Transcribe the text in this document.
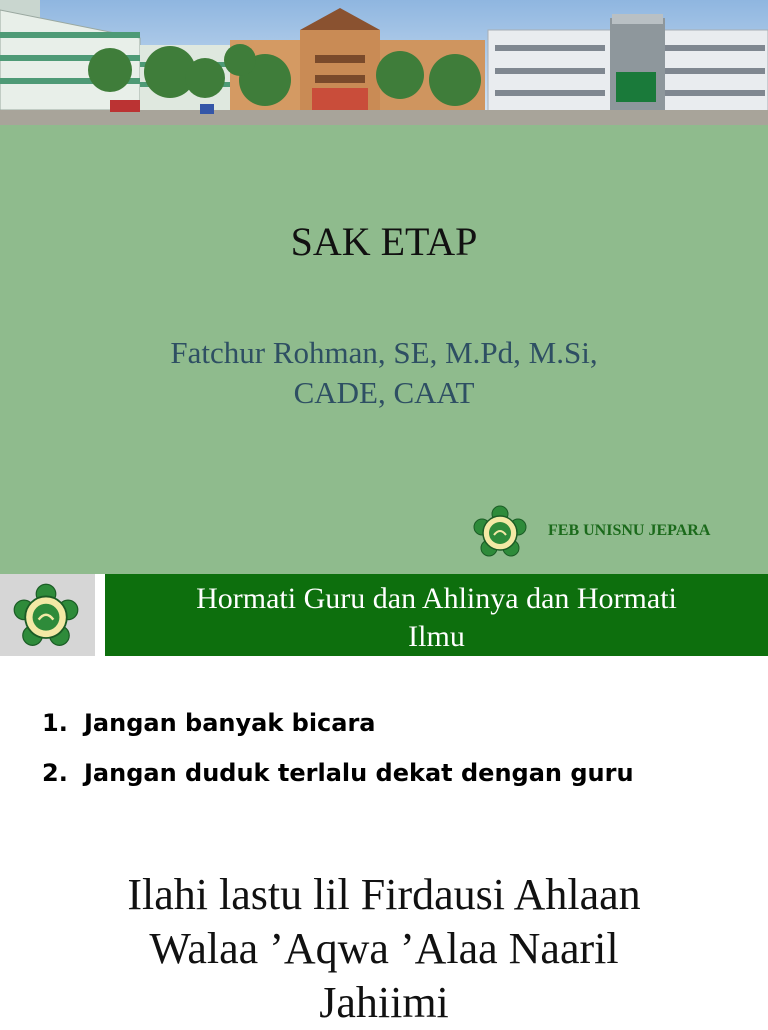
SAK ETAP
Fatchur Rohman, SE, M.Pd, M.Si,
CADE, CAAT
FEB UNISNU JEPARA
Hormati Guru dan Ahlinya dan Hormati
Ilmu
1. Jangan banyak bicara
2. Jangan duduk terlalu dekat dengan guru
Ilahi lastu lil Firdausi Ahlaan
Walaa ’Aqwa ’Alaa Naaril
Jahiimi
